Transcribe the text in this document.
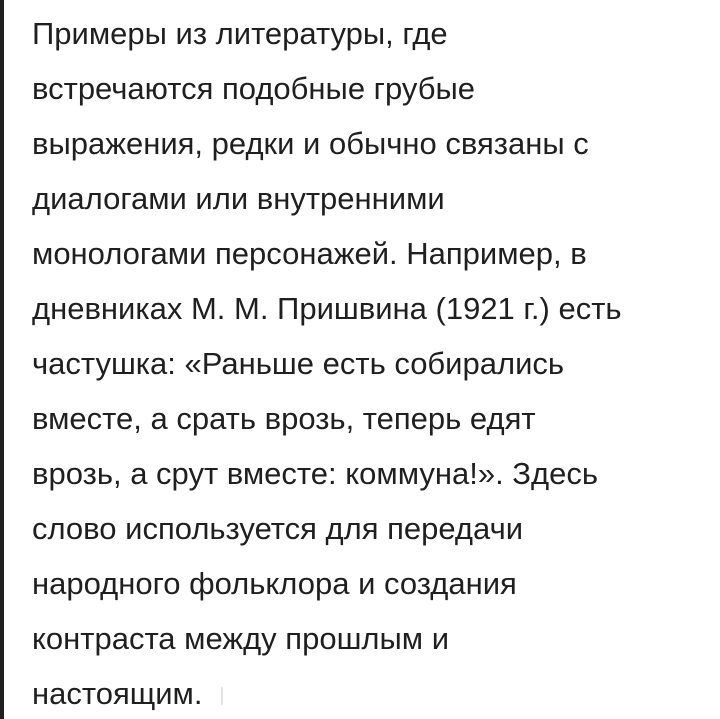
Примеры из литературы, где
встречаются подобные грубые
выражения, редки и обычно связаны с
диалогами или внутренними
монологами персонажей. Например, в
дневниках М. М. Пришвина (1921 г.) есть
частушка: «Раньше есть собирались
вместе, а срать врозь, теперь едят
врозь, а срут вместе: коммуна!». Здесь
слово используется для передачи
народного фольклора и создания
контраста между прошлым и
настоящим.
